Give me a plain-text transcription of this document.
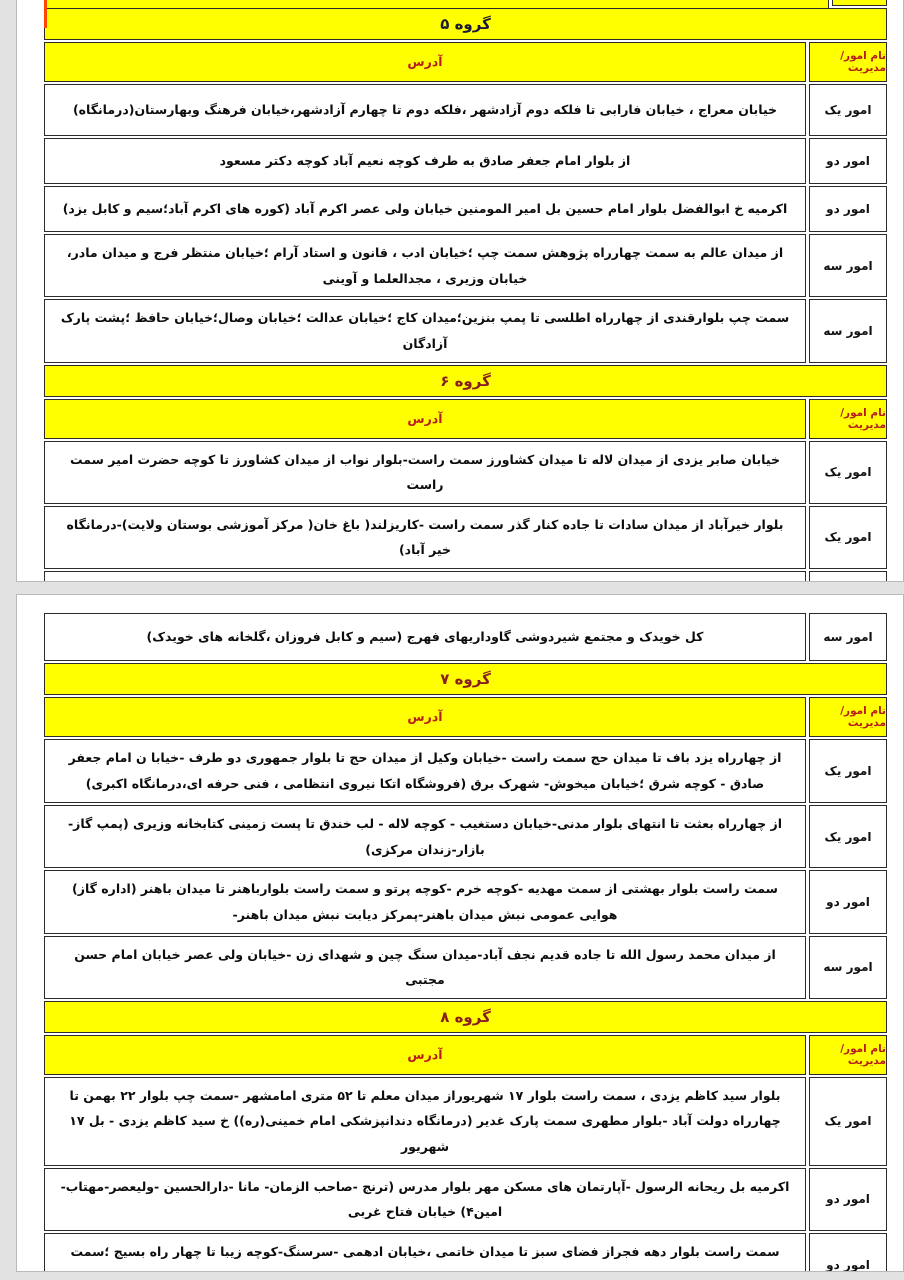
گروه ۵
نام امور/مدیریت
آدرس
امور یک
خیابان معراج ، خیابان فارابی تا فلکه دوم آزادشهر ،فلکه دوم تا چهارم آزادشهر،خیابان فرهنگ وبهارستان(درمانگاه)
امور دو
از بلوار امام جعفر صادق به طرف کوچه نعیم آباد کوچه دکتر مسعود
امور دو
اکرمیه خ ابوالفضل بلوار امام حسین بل امیر المومنین خیابان ولی عصر اکرم آباد (کوره های اکرم آباد؛سیم و کابل یزد)
امور سه
از میدان عالم به سمت چهارراه پژوهش سمت چپ ؛خیابان ادب ، قانون و استاد آرام ؛خیابان منتظر فرج و میدان مادر، خیابان وزیری ، مجدالعلما و آوینی
امور سه
سمت چپ بلوارقندی از چهارراه اطلسی تا پمپ بنزین؛میدان کاج ؛خیابان عدالت ؛خیابان وصال؛خیابان حافظ ؛پشت پارک آزادگان
گروه ۶
نام امور/مدیریت
آدرس
امور یک
خیابان صابر یزدی از میدان لاله تا میدان کشاورز سمت راست-بلوار نواب از میدان کشاورز تا کوچه حضرت امیر سمت راست
امور یک
بلوار خیرآباد از میدان سادات تا جاده کنار گذر سمت راست -کاریزلند( باغ خان( مرکز آموزشی بوستان ولایت)-درمانگاه خیر آباد)
امور سه
کل خویدک و مجتمع شیردوشی گاوداریهای فهرج (سیم و کابل فروزان ،گلخانه های خویدک)
گروه ۷
نام امور/مدیریت
آدرس
امور یک
از چهارراه یزد باف تا میدان حج سمت راست -خیابان وکیل از میدان حج تا بلوار جمهوری دو طرف -خیابا ن امام جعفر صادق - کوچه شرق ؛خیابان میخوش- شهرک برق (فروشگاه اتکا نیروی انتظامی ، فنی حرفه ای،درمانگاه اکبری)
امور یک
از چهارراه بعثت تا انتهای بلوار مدنی-خیابان دستغیب - کوچه لاله - لب خندق تا پست زمینی کتابخانه وزیری (پمپ گاز-بازار-زندان مرکزی)
امور دو
سمت راست بلوار بهشتی از سمت مهدیه -کوچه خرم -کوچه پرتو و سمت راست بلوارباهنر تا میدان باهنر (اداره گاز) هوایی عمومی نبش میدان باهنر-پمرکز دیابت نبش میدان باهنر-
امور سه
از میدان محمد رسول الله تا جاده قدیم نجف آباد-میدان سنگ چین و شهدای زن -خیابان ولی عصر خیابان امام حسن مجتبی
گروه ۸
نام امور/مدیریت
آدرس
امور یک
بلوار سید کاظم یزدی ، سمت راست بلوار ۱۷ شهریوراز میدان معلم تا ۵۲ متری امامشهر -سمت چپ بلوار ۲۲ بهمن تا چهارراه دولت آباد -بلوار مطهری سمت پارک غدیر (درمانگاه دندانپزشکی امام خمینی(ره)) خ سید کاظم یزدی - بل ۱۷ شهریور
امور دو
اکرمیه بل ریحانه الرسول -آپارتمان های مسکن مهر بلوار مدرس (ترنج -صاحب الزمان- مانا -دارالحسین -ولیعصر-مهتاب-امین۴) خیابان فتاح غربی
امور دو
سمت راست بلوار دهه فجراز فضای سبز تا میدان خاتمی ،خیابان ادهمی -سرسنگ-کوچه زیبا تا چهار راه بسیج ؛سمت
